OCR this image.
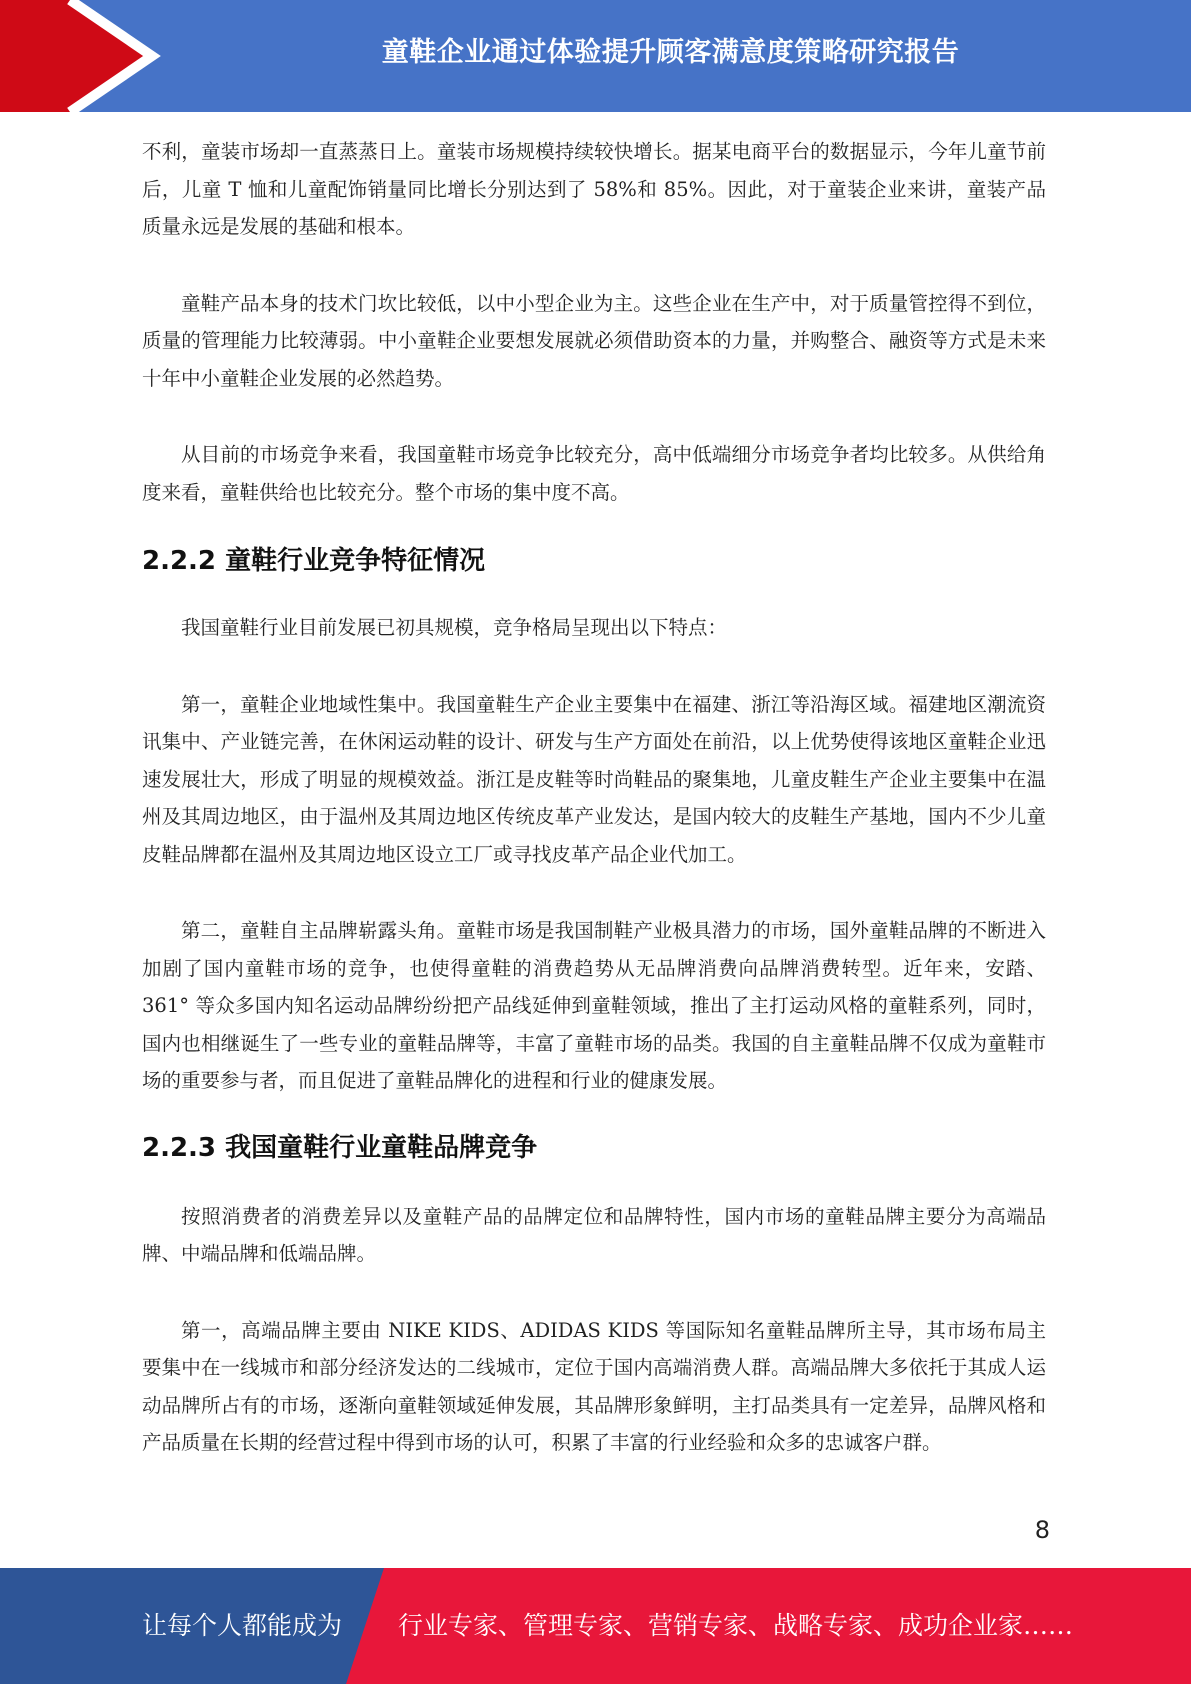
童鞋企业通过体验提升顾客满意度策略研究报告

不利，童装市场却一直蒸蒸日上。童装市场规模持续较快增长。据某电商平台的数据显示，今年儿童节前后，儿童 T 恤和儿童配饰销量同比增长分别达到了 58%和 85%。因此，对于童装企业来讲，童装产品质量永远是发展的基础和根本。

童鞋产品本身的技术门坎比较低，以中小型企业为主。这些企业在生产中，对于质量管控得不到位，质量的管理能力比较薄弱。中小童鞋企业要想发展就必须借助资本的力量，并购整合、融资等方式是未来十年中小童鞋企业发展的必然趋势。

从目前的市场竞争来看，我国童鞋市场竞争比较充分，高中低端细分市场竞争者均比较多。从供给角度来看，童鞋供给也比较充分。整个市场的集中度不高。

2.2.2 童鞋行业竞争特征情况

我国童鞋行业目前发展已初具规模，竞争格局呈现出以下特点：

第一，童鞋企业地域性集中。我国童鞋生产企业主要集中在福建、浙江等沿海区域。福建地区潮流资讯集中、产业链完善，在休闲运动鞋的设计、研发与生产方面处在前沿，以上优势使得该地区童鞋企业迅速发展壮大，形成了明显的规模效益。浙江是皮鞋等时尚鞋品的聚集地，儿童皮鞋生产企业主要集中在温州及其周边地区，由于温州及其周边地区传统皮革产业发达，是国内较大的皮鞋生产基地，国内不少儿童皮鞋品牌都在温州及其周边地区设立工厂或寻找皮革产品企业代加工。

第二，童鞋自主品牌崭露头角。童鞋市场是我国制鞋产业极具潜力的市场，国外童鞋品牌的不断进入加剧了国内童鞋市场的竞争，也使得童鞋的消费趋势从无品牌消费向品牌消费转型。近年来，安踏、361° 等众多国内知名运动品牌纷纷把产品线延伸到童鞋领域，推出了主打运动风格的童鞋系列，同时，国内也相继诞生了一些专业的童鞋品牌等，丰富了童鞋市场的品类。我国的自主童鞋品牌不仅成为童鞋市场的重要参与者，而且促进了童鞋品牌化的进程和行业的健康发展。

2.2.3 我国童鞋行业童鞋品牌竞争

按照消费者的消费差异以及童鞋产品的品牌定位和品牌特性，国内市场的童鞋品牌主要分为高端品牌、中端品牌和低端品牌。

第一，高端品牌主要由 NIKE KIDS、ADIDAS KIDS 等国际知名童鞋品牌所主导，其市场布局主要集中在一线城市和部分经济发达的二线城市，定位于国内高端消费人群。高端品牌大多依托于其成人运动品牌所占有的市场，逐渐向童鞋领域延伸发展，其品牌形象鲜明，主打品类具有一定差异，品牌风格和产品质量在长期的经营过程中得到市场的认可，积累了丰富的行业经验和众多的忠诚客户群。

8
让每个人都能成为 行业专家、管理专家、营销专家、战略专家、成功企业家……
